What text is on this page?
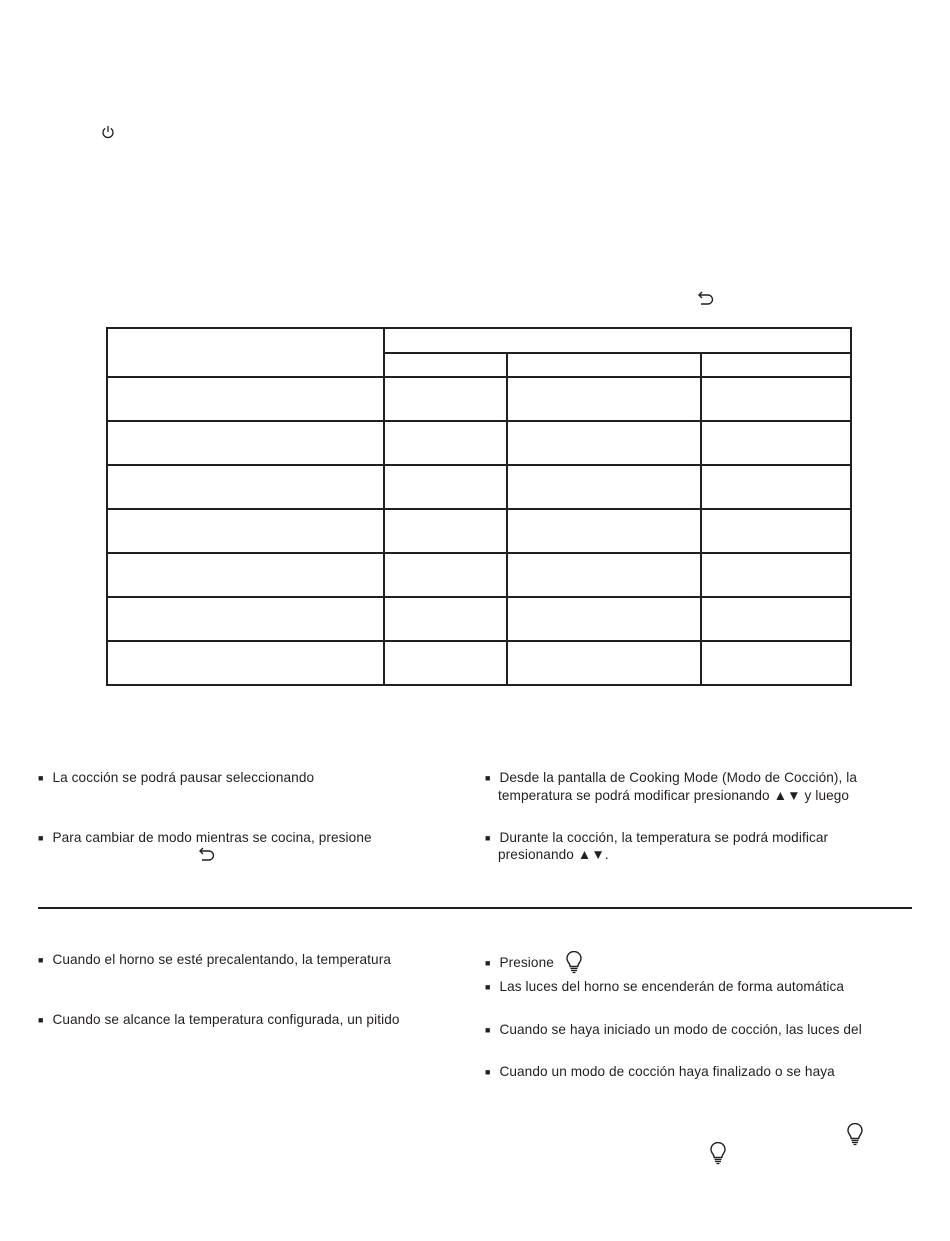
■ La cocción se podrá pausar seleccionando
■ Para cambiar de modo mientras se cocina, presione
■ Desde la pantalla de Cooking Mode (Modo de Cocción), la
temperatura se podrá modificar presionando ▲▼ y luego
■ Durante la cocción, la temperatura se podrá modificar
presionando ▲▼.
■ Cuando el horno se esté precalentando, la temperatura
■ Cuando se alcance la temperatura configurada, un pitido
■ Presione
■ Las luces del horno se encenderán de forma automática
■ Cuando se haya iniciado un modo de cocción, las luces del
■ Cuando un modo de cocción haya finalizado o se haya
